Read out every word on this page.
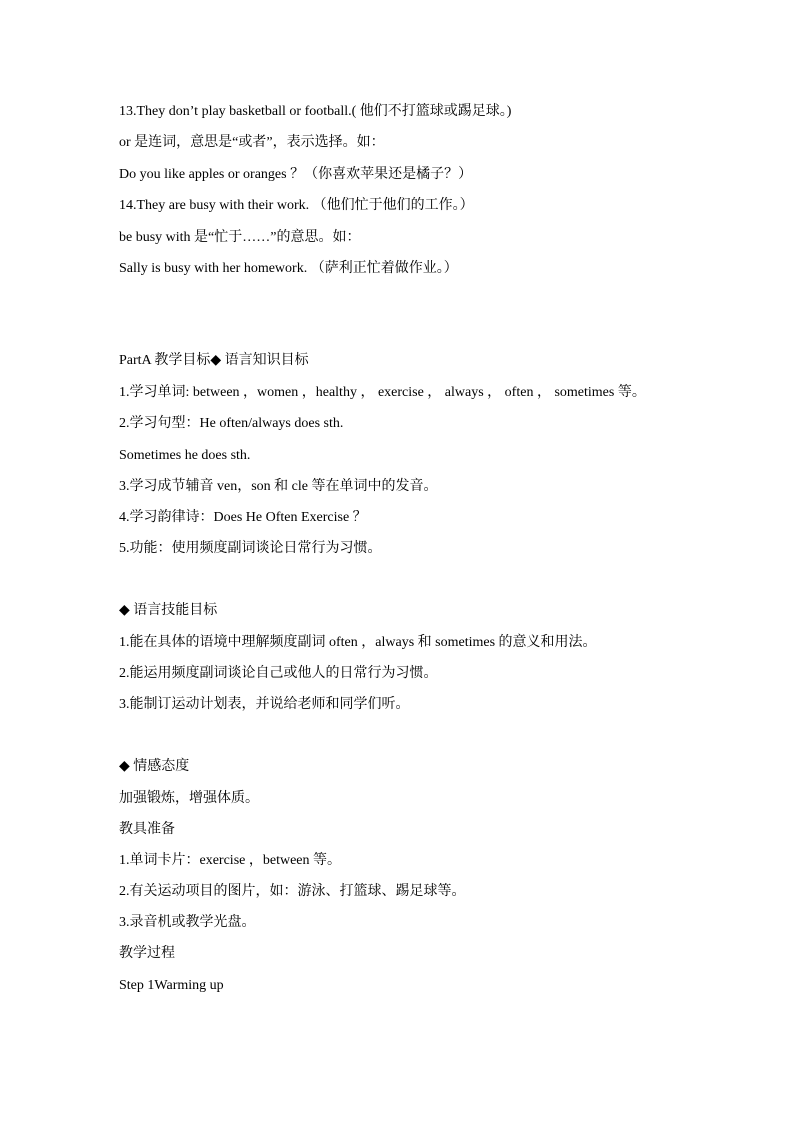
13.They don’t play basketball or football.( 他们不打篮球或踢足球。)
or 是连词，意思是“或者”，表示选择。如：
Do you like apples or oranges ？（你喜欢苹果还是橘子？）
14.They are busy with their work. （他们忙于他们的工作。）
be busy with 是“忙于……”的意思。如：
Sally is busy with her homework. （萨利正忙着做作业。）
PartA 教学目标◆ 语言知识目标
1.学习单词: between ，women ，healthy ， exercise ， always ， often ， sometimes 等。
2.学习句型：He often/always does sth.
Sometimes he does sth.
3.学习成节辅音 ven，son 和 cle 等在单词中的发音。
4.学习韵律诗：Does He Often Exercise ？
5.功能：使用频度副词谈论日常行为习惯。
◆ 语言技能目标
1.能在具体的语境中理解频度副词 often ，always 和 sometimes 的意义和用法。
2.能运用频度副词谈论自己或他人的日常行为习惯。
3.能制订运动计划表，并说给老师和同学们听。
◆ 情感态度
加强锻炼，增强体质。
教具准备
1.单词卡片：exercise ，between 等。
2.有关运动项目的图片，如：游泳、打篮球、踢足球等。
3.录音机或教学光盘。
教学过程
Step 1Warming up
